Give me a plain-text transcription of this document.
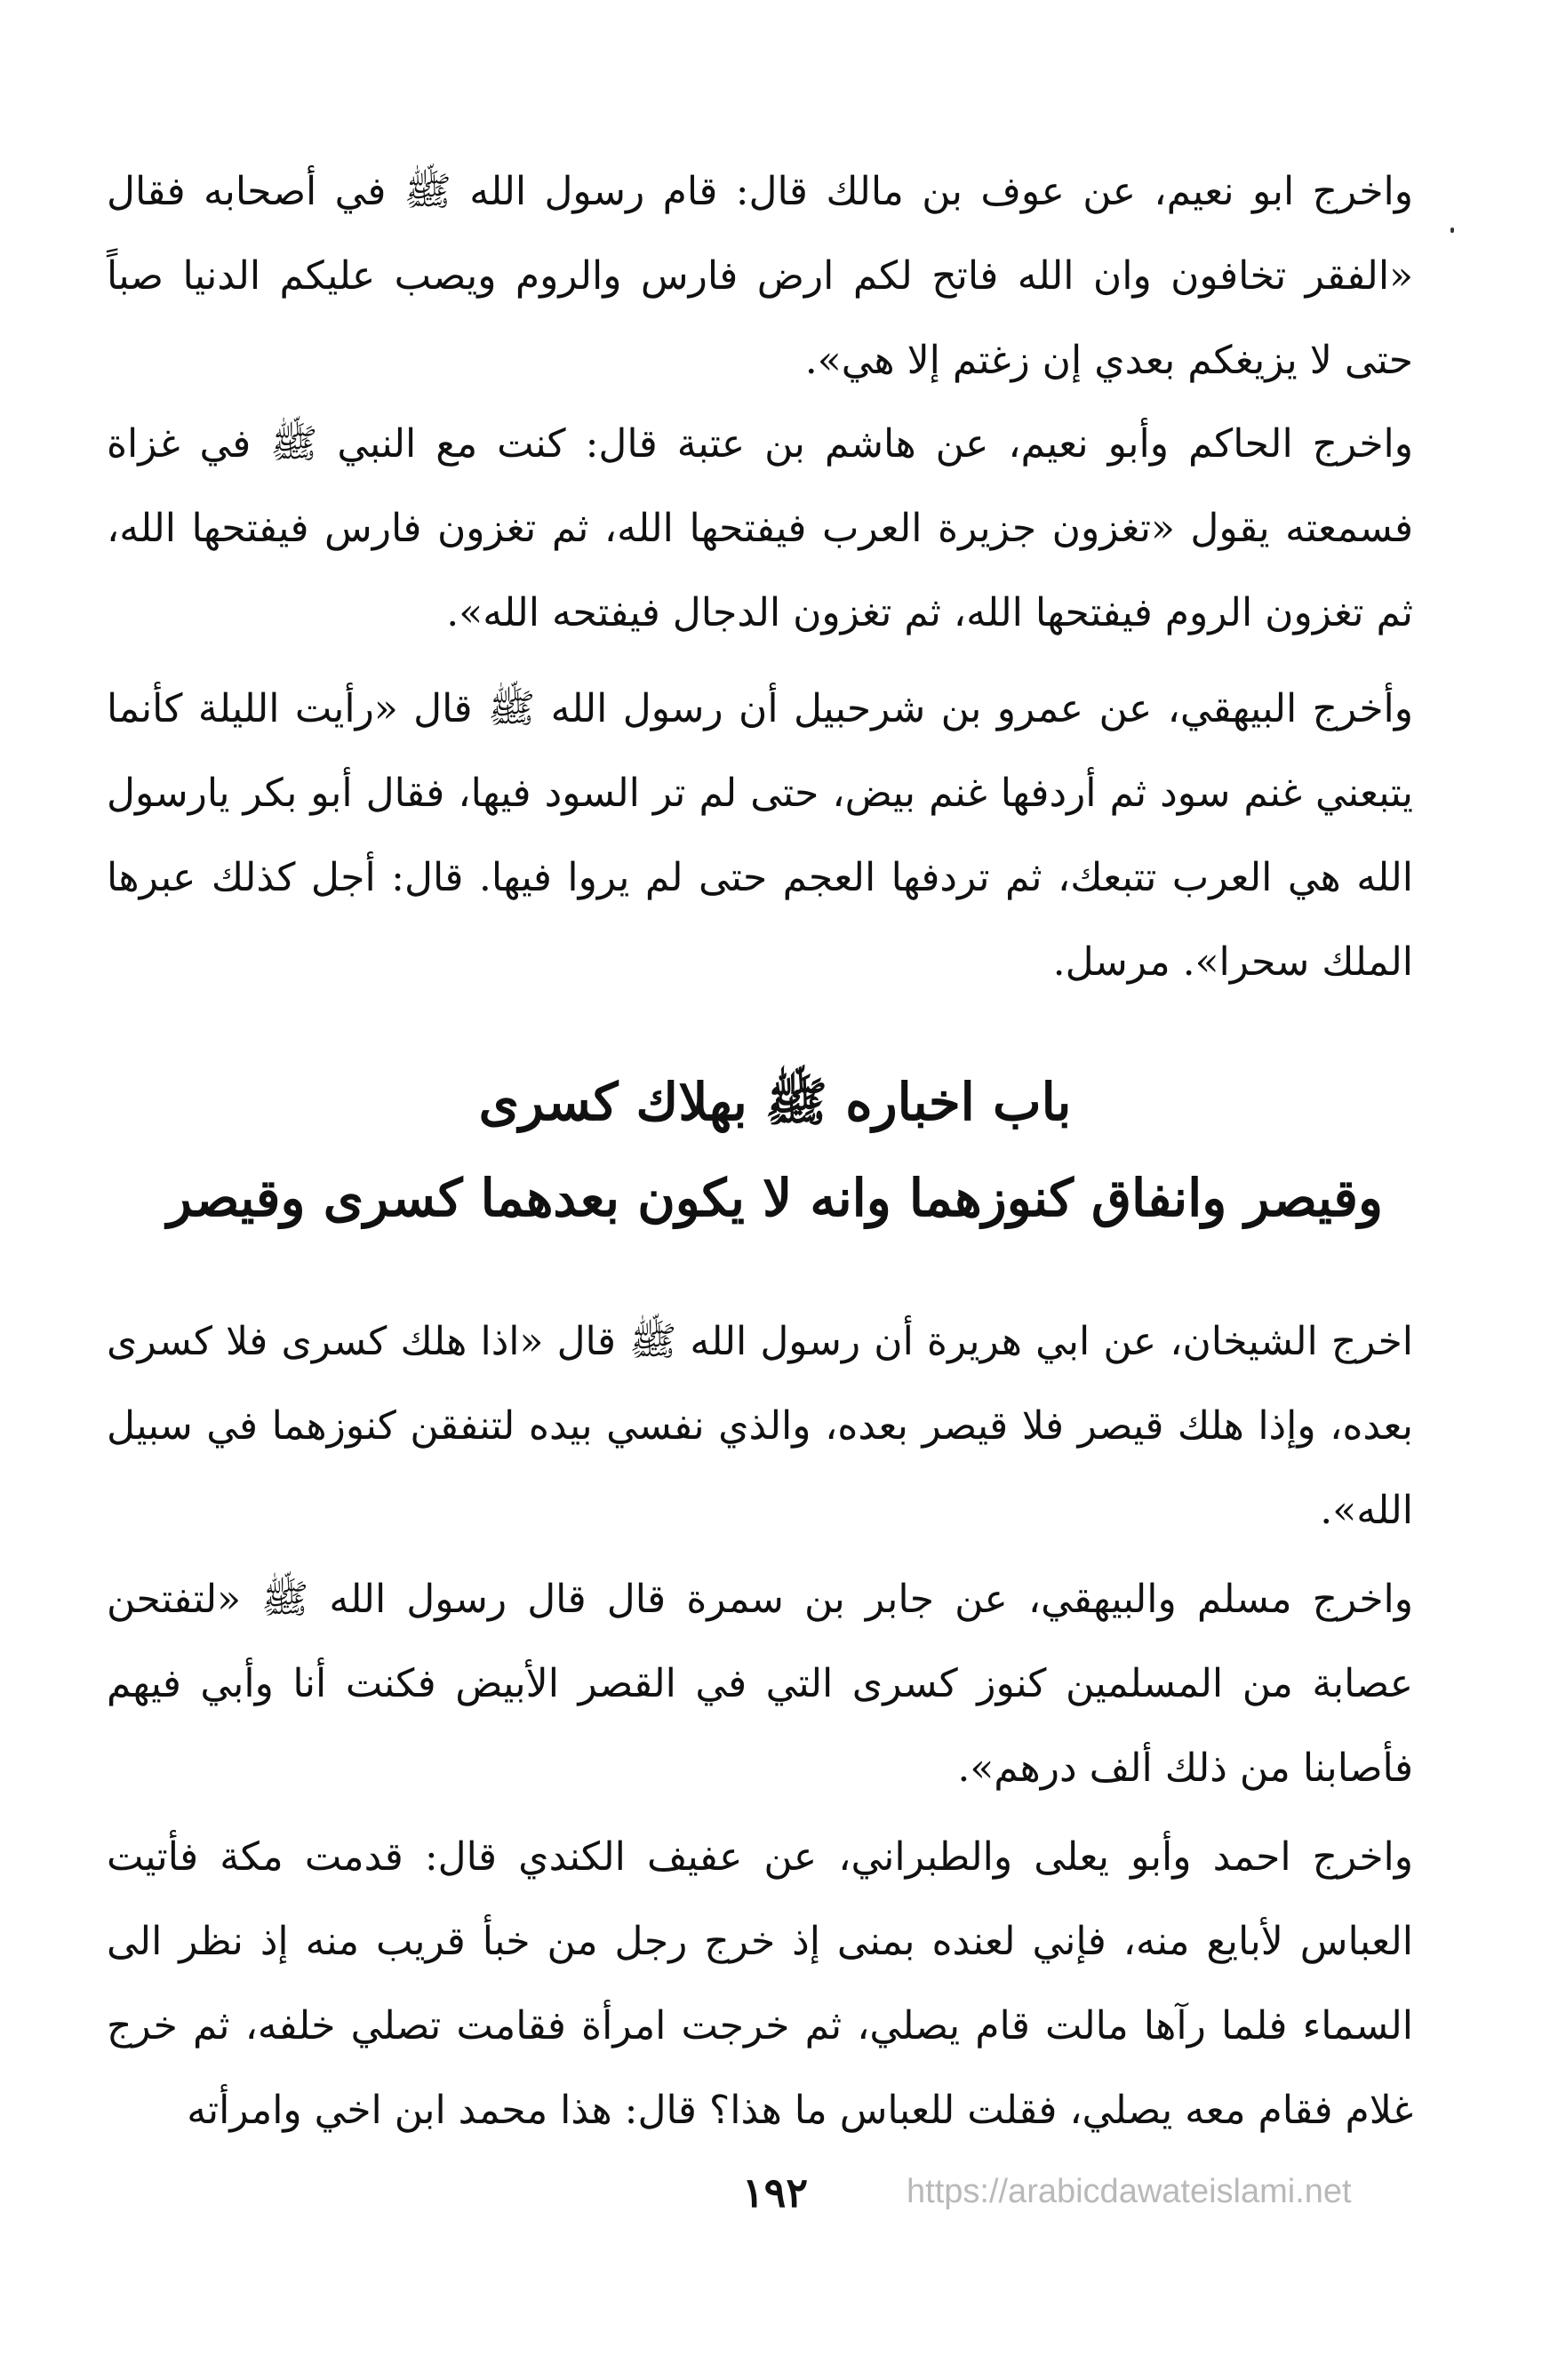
واخرج ابو نعيم، عن عوف بن مالك قال: قام رسول الله ﷺ في أصحابه فقال «الفقر تخافون وان الله فاتح لكم ارض فارس والروم ويصب عليكم الدنيا صباً حتى لا يزيغكم بعدي إن زغتم إلا هي».

واخرج الحاكم وأبو نعيم، عن هاشم بن عتبة قال: كنت مع النبي ﷺ في غزاة فسمعته يقول «تغزون جزيرة العرب فيفتحها الله، ثم تغزون فارس فيفتحها الله، ثم تغزون الروم فيفتحها الله، ثم تغزون الدجال فيفتحه الله».

وأخرج البيهقي، عن عمرو بن شرحبيل أن رسول الله ﷺ قال «رأيت الليلة كأنما يتبعني غنم سود ثم أردفها غنم بيض، حتى لم تر السود فيها، فقال أبو بكر يارسول الله هي العرب تتبعك، ثم تردفها العجم حتى لم يروا فيها. قال: أجل كذلك عبرها الملك سحرا». مرسل.

باب اخباره ﷺ بهلاك كسرى
وقيصر وانفاق كنوزهما وانه لا يكون بعدهما كسرى وقيصر

اخرج الشيخان، عن ابي هريرة أن رسول الله ﷺ قال «اذا هلك كسرى فلا كسرى بعده، وإذا هلك قيصر فلا قيصر بعده، والذي نفسي بيده لتنفقن كنوزهما في سبيل الله».

واخرج مسلم والبيهقي، عن جابر بن سمرة قال قال رسول الله ﷺ «لتفتحن عصابة من المسلمين كنوز كسرى التي في القصر الأبيض فكنت أنا وأبي فيهم فأصابنا من ذلك ألف درهم».

واخرج احمد وأبو يعلى والطبراني، عن عفيف الكندي قال: قدمت مكة فأتيت العباس لأبايع منه، فإني لعنده بمنى إذ خرج رجل من خبأ قريب منه إذ نظر الى السماء فلما رآها مالت قام يصلي، ثم خرجت امرأة فقامت تصلي خلفه، ثم خرج غلام فقام معه يصلي، فقلت للعباس ما هذا؟ قال: هذا محمد ابن اخي وامرأته

١٩٢	https://arabicdawateislami.net
